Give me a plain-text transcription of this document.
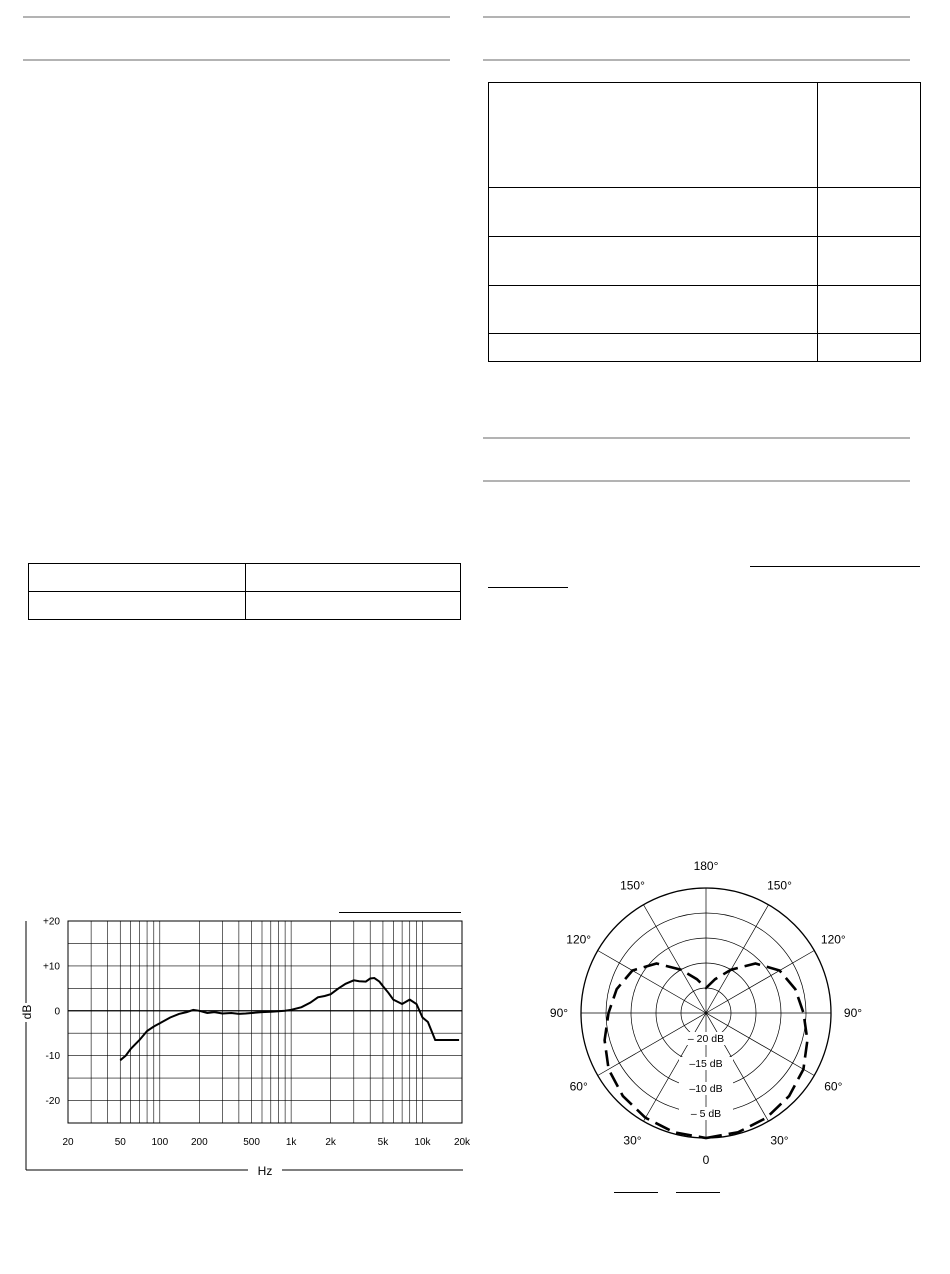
+20
+10
0
-10
-20
20	50	100 200	500	1k	2k	5k	10k 20k
dB
Hz
180°
150°	150°
120°	120°
90°	90°
60°	60°
30°	30°
0
– 20 dB
–15 dB
–10 dB
– 5 dB
